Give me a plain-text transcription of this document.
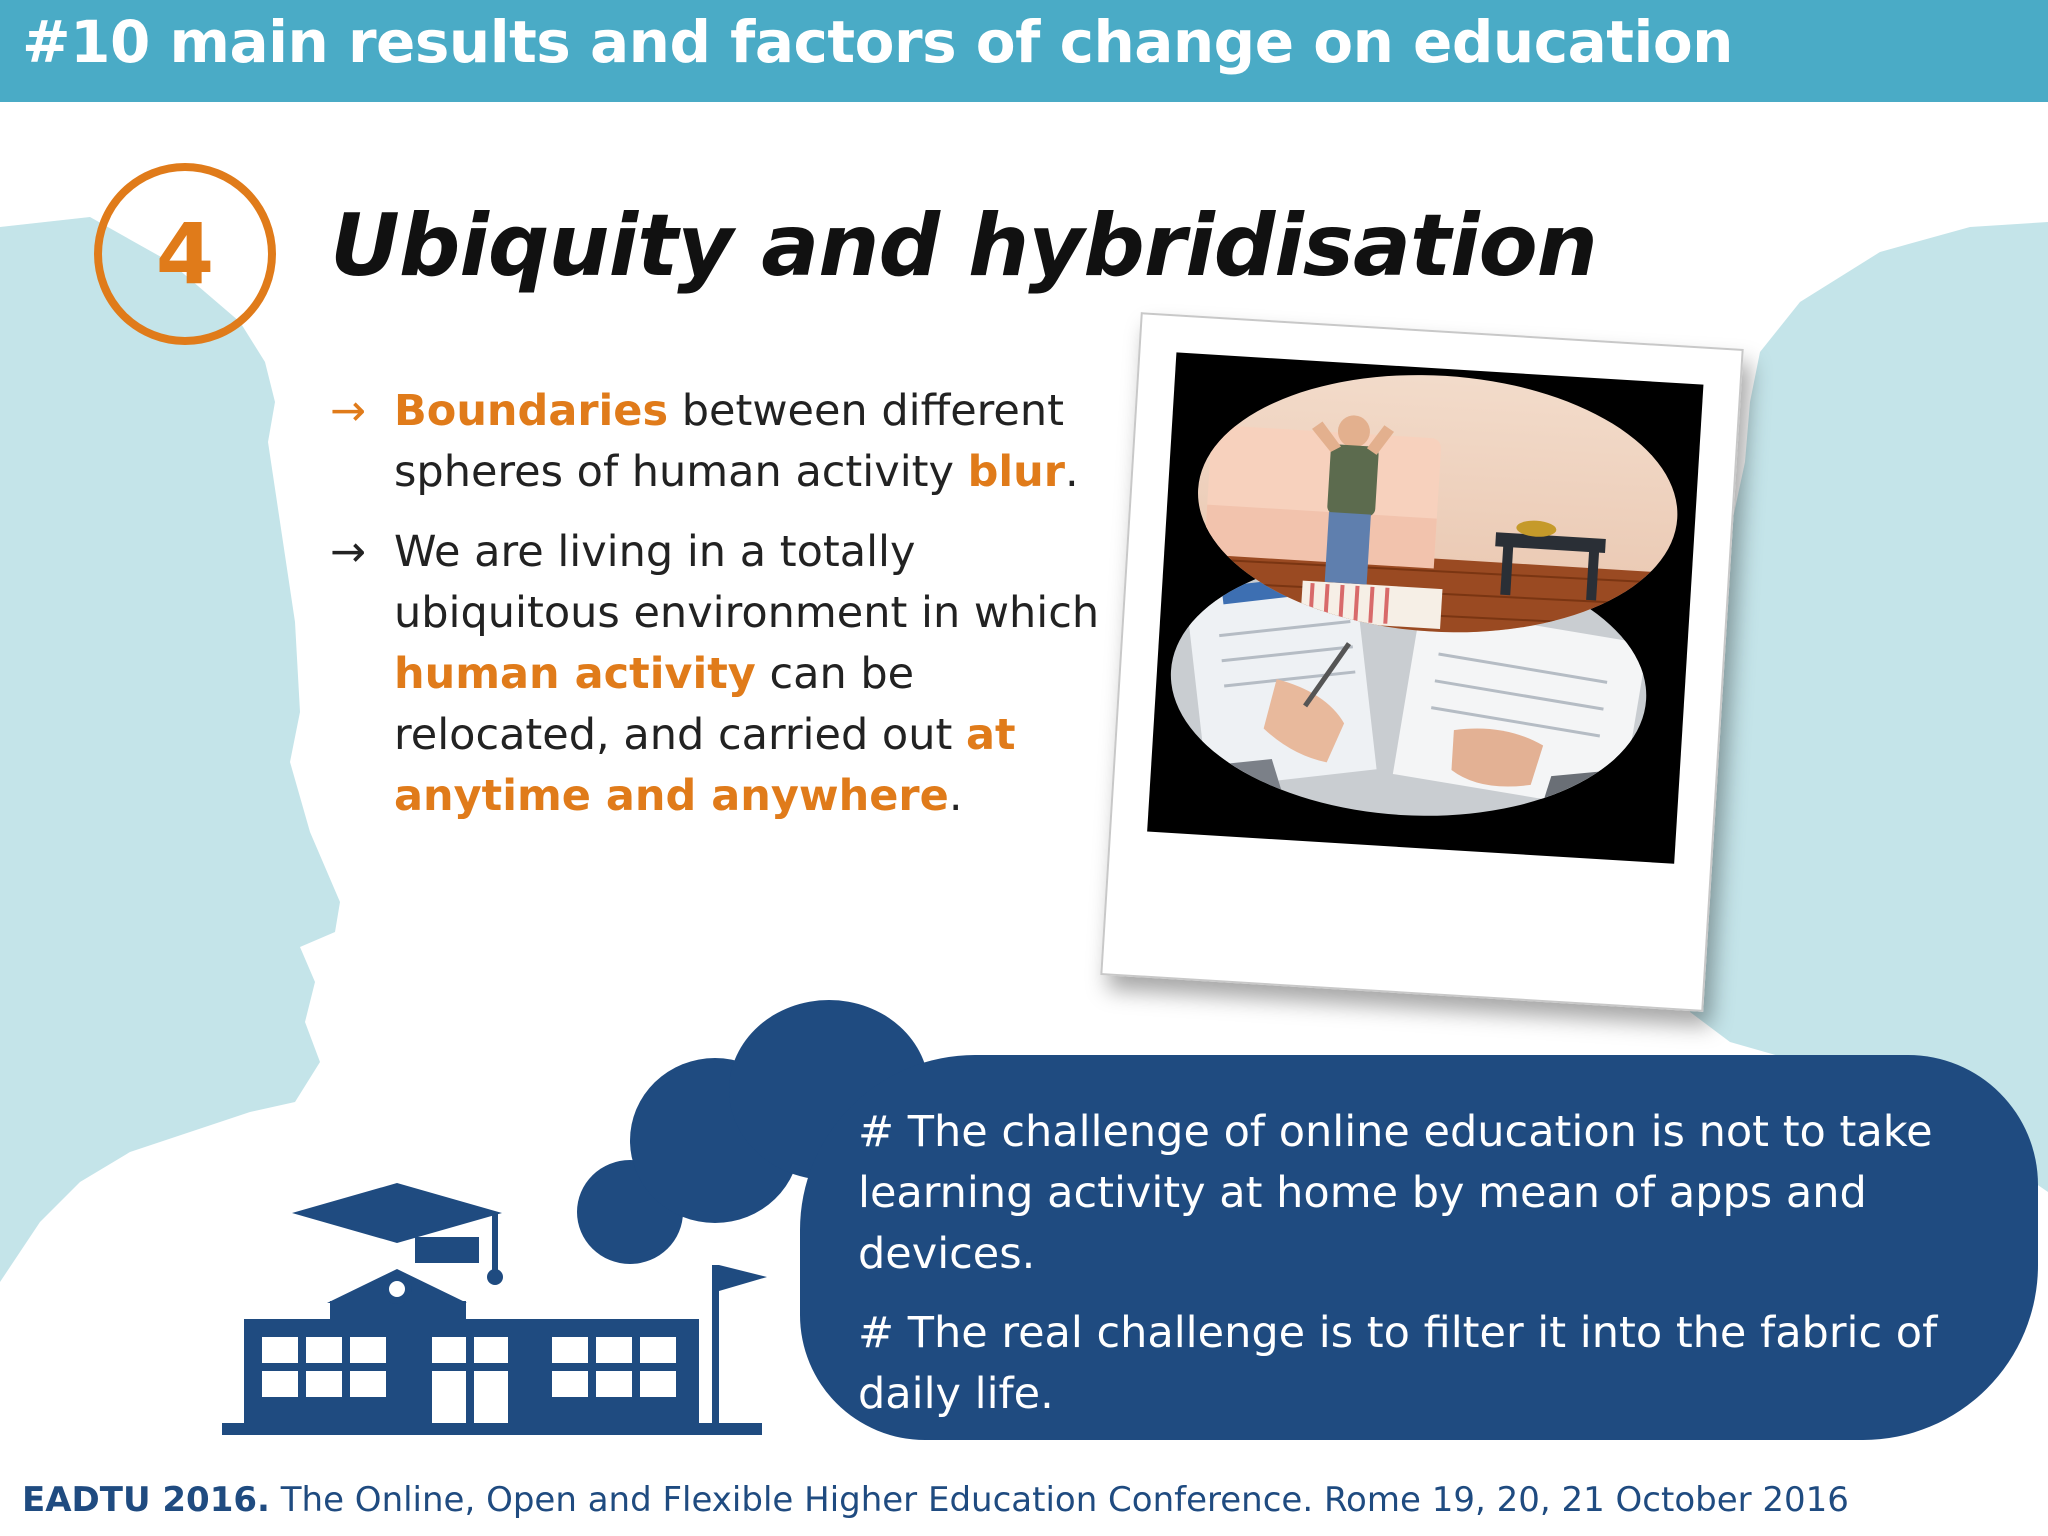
#10 main results and factors of change on education
4 Ubiquity and hybridisation
→ Boundaries between different spheres of human activity blur.
→ We are living in a totally ubiquitous environment in which human activity can be relocated, and carried out at anytime and anywhere.
# The challenge of online education is not to take learning activity at home by mean of apps and devices.
# The real challenge is to filter it into the fabric of daily life.
EADTU 2016. The Online, Open and Flexible Higher Education Conference. Rome 19, 20, 21 October 2016
